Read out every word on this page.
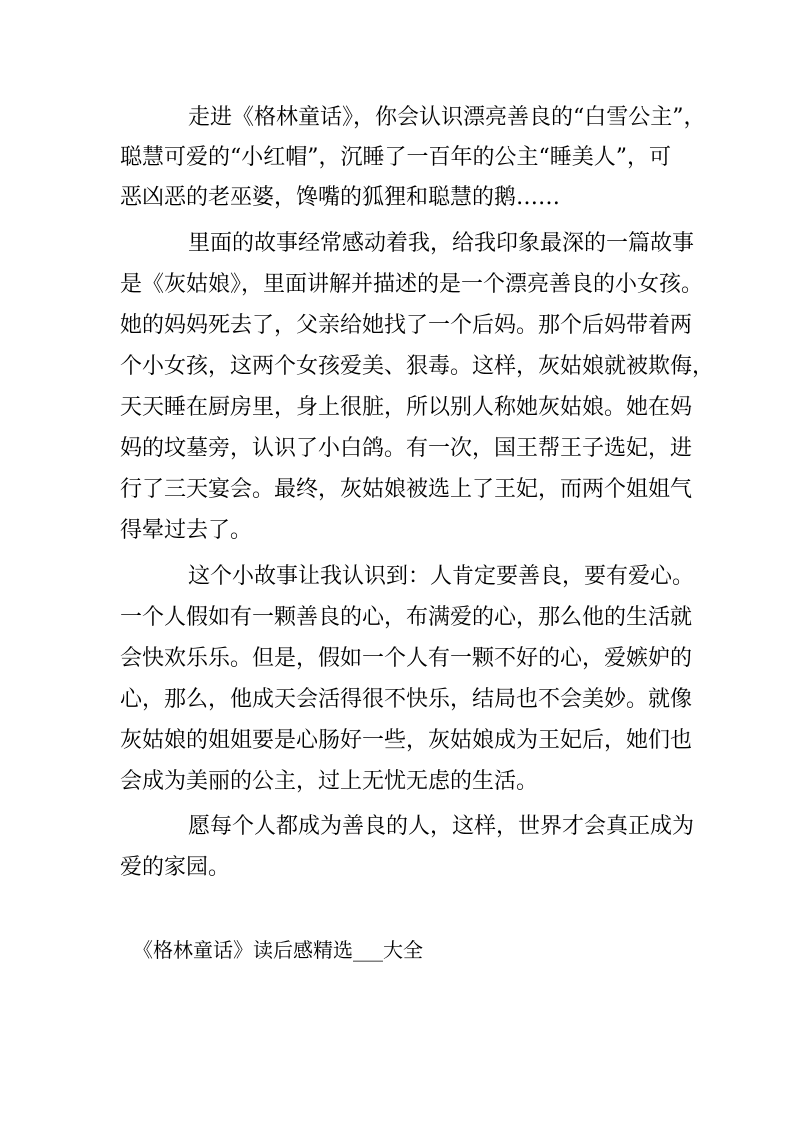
走进《格林童话》，你会认识漂亮善良的“白雪公主”，
聪慧可爱的“小红帽”，沉睡了一百年的公主“睡美人”，可
恶凶恶的老巫婆，馋嘴的狐狸和聪慧的鹅……
里面的故事经常感动着我，给我印象最深的一篇故事
是《灰姑娘》，里面讲解并描述的是一个漂亮善良的小女孩。
她的妈妈死去了，父亲给她找了一个后妈。那个后妈带着两
个小女孩，这两个女孩爱美、狠毒。这样，灰姑娘就被欺侮，
天天睡在厨房里，身上很脏，所以别人称她灰姑娘。她在妈
妈的坟墓旁，认识了小白鸽。有一次，国王帮王子选妃，进
行了三天宴会。最终，灰姑娘被选上了王妃，而两个姐姐气
得晕过去了。
这个小故事让我认识到：人肯定要善良，要有爱心。
一个人假如有一颗善良的心，布满爱的心，那么他的生活就
会快欢乐乐。但是，假如一个人有一颗不好的心，爱嫉妒的
心，那么，他成天会活得很不快乐，结局也不会美妙。就像
灰姑娘的姐姐要是心肠好一些，灰姑娘成为王妃后，她们也
会成为美丽的公主，过上无忧无虑的生活。
愿每个人都成为善良的人，这样，世界才会真正成为
爱的家园。
《格林童话》读后感精选___大全
